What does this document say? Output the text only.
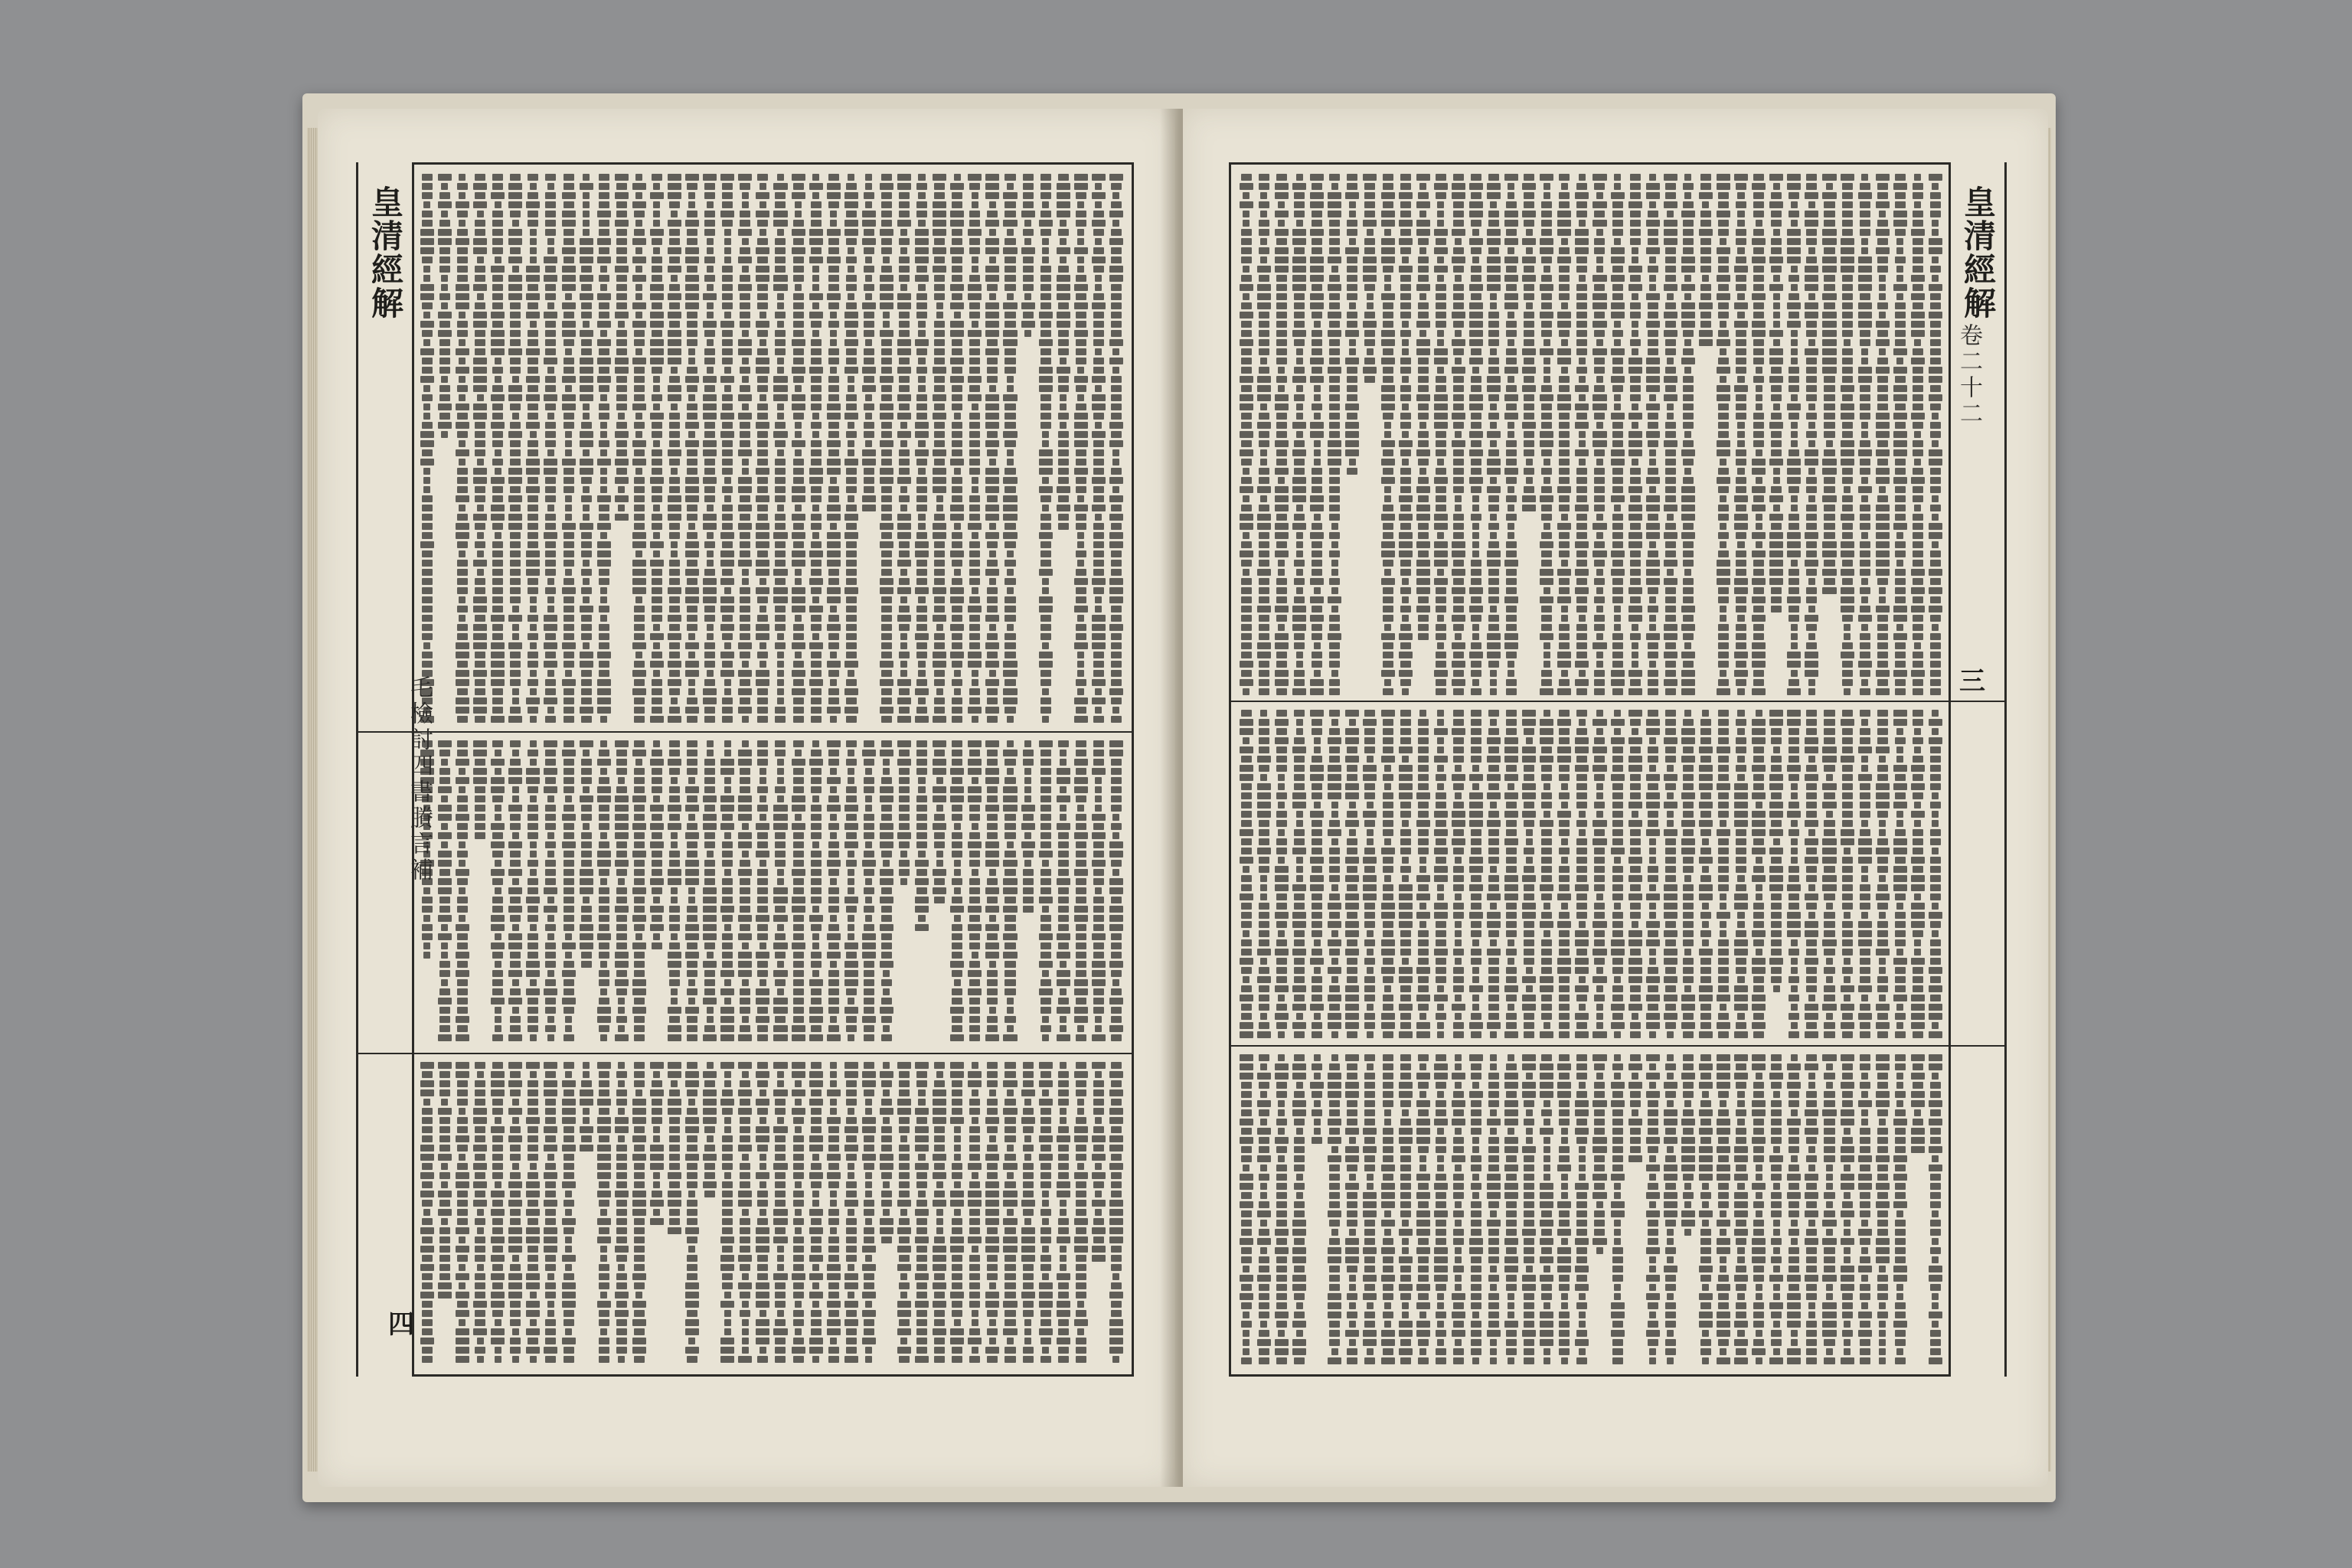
皇清經解
毛檢討四書賸言補
四
皇清經解
卷二十二
三
